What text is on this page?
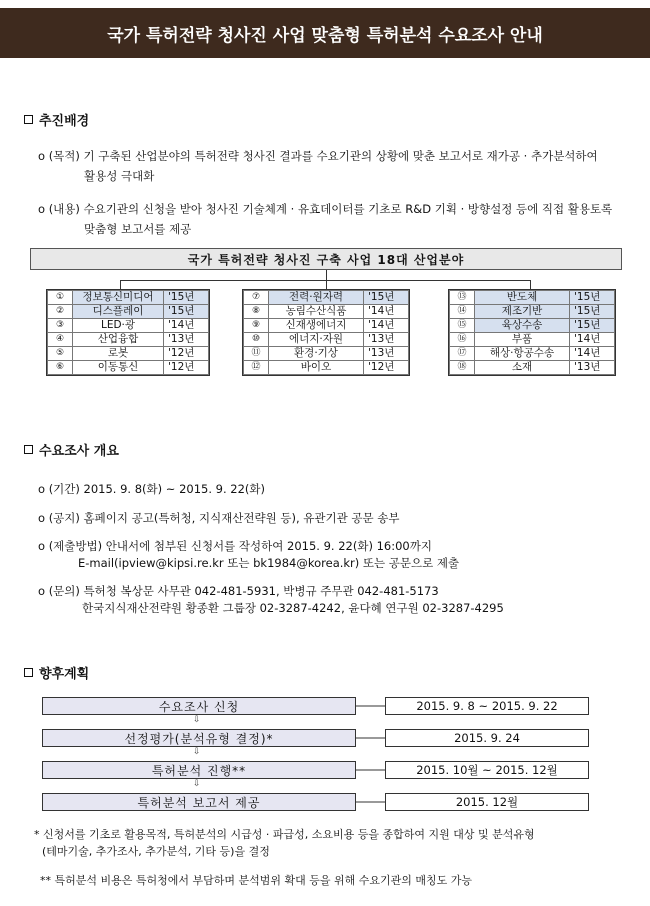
국가 특허전략 청사진 사업 맞춤형 특허분석 수요조사 안내
추진배경
o (목적) 기 구축된 산업분야의 특허전략 청사진 결과를 수요기관의 상황에 맞춘 보고서로 재가공 · 추가분석하여
활용성 극대화
o (내용) 수요기관의 신청을 받아 청사진 기술체계 · 유효데이터를 기초로 R&D 기획 · 방향설정 등에 직접 활용토록
맞춤형 보고서를 제공
국가 특허전략 청사진 구축 사업 18대 산업분야
①	정보통신미디어	'15년
②	디스플레이	'15년
③	LED·광	'14년
④	산업융합	'13년
⑤	로봇	'12년
⑥	이동통신	'12년
⑦	전력·원자력	'15년
⑧	농림수산식품	'14년
⑨	신재생에너지	'14년
⑩	에너지·자원	'13년
⑪	환경·기상	'13년
⑫	바이오	'12년
⑬	반도체	'15년
⑭	제조기반	'15년
⑮	육상수송	'15년
⑯	부품	'14년
⑰	해상·항공수송	'14년
⑱	소재	'13년
수요조사 개요
o (기간) 2015. 9. 8(화) ~ 2015. 9. 22(화)
o (공지) 홈페이지 공고(특허청, 지식재산전략원 등), 유관기관 공문 송부
o (제출방법) 안내서에 첨부된 신청서를 작성하여 2015. 9. 22(화) 16:00까지
E-mail(ipview@kipsi.re.kr 또는 bk1984@korea.kr) 또는 공문으로 제출
o (문의) 특허청 복상문 사무관 042-481-5931, 박병규 주무관 042-481-5173
한국지식재산전략원 황종환 그룹장 02-3287-4242, 윤다혜 연구원 02-3287-4295
향후계획
수요조사 신청	2015. 9. 8 ~ 2015. 9. 22
⇩
선정평가(분석유형 결정)*	2015. 9. 24
⇩
특허분석 진행**	2015. 10월 ~ 2015. 12월
⇩
특허분석 보고서 제공	2015. 12월
* 신청서를 기초로 활용목적, 특허분석의 시급성 · 파급성, 소요비용 등을 종합하여 지원 대상 및 분석유형
(테마기술, 추가조사, 추가분석, 기타 등)을 결정
** 특허분석 비용은 특허청에서 부담하며 분석범위 확대 등을 위해 수요기관의 매칭도 가능
